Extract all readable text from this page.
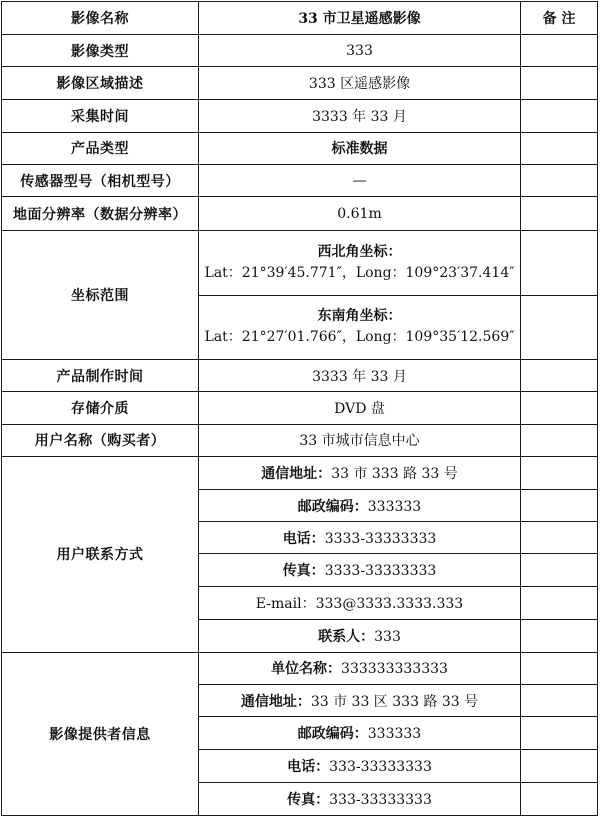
影像名称	33 市卫星遥感影像	备 注
影像类型	333	
影像区域描述	333 区遥感影像	
采集时间	3333 年 33 月	
产品类型	标准数据	
传感器型号（相机型号）	—	
地面分辨率（数据分辨率）	0.61m	
坐标范围	西北角坐标：
Lat：21°39′45.771″，Long：109°23′37.414″	

	东南角坐标：
Lat：21°27′01.766″，Long：109°35′12.569″	

产品制作时间	3333 年 33 月	
存储介质	DVD 盘	
用户名称（购买者）	33 市城市信息中心	
用户联系方式	通信地址：33 市 333 路 33 号	
	邮政编码：333333	
	电话：3333-33333333	
	传真：3333-33333333	
	E-mail：333@3333.3333.333	
	联系人：333	
影像提供者信息	单位名称：333333333333	
	通信地址：33 市 33 区 333 路 33 号	
	邮政编码：333333	
	电话：333-33333333	
	传真：333-33333333	
